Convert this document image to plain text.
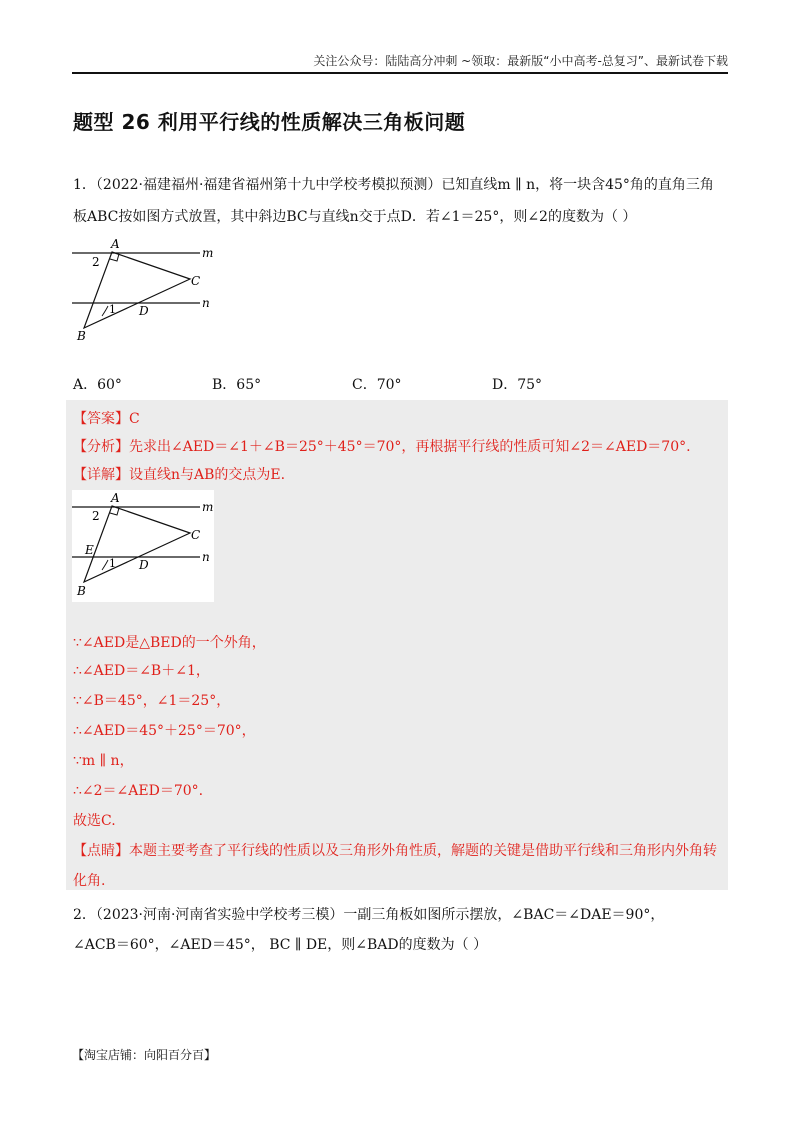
关注公众号：陆陆高分冲刺 ~领取：最新版“小中高考-总复习”、最新试卷下载
题型 26 利用平行线的性质解决三角板问题
1．（2022·福建福州·福建省福州第十九中学校考模拟预测）已知直线m ∥ n，将一块含45°角的直角三角
板ABC按如图方式放置，其中斜边BC与直线n交于点D．若∠1＝25°，则∠2的度数为（ ）
A
m
2
C
n
1 D
B
A．60°	B．65°	C．70°	D．75°
【答案】C
【分析】先求出∠AED＝∠1＋∠B＝25°＋45°＝70°，再根据平行线的性质可知∠2＝∠AED＝70°.
【详解】设直线n与AB的交点为E.
A
m
2
C
n
E
1 D
B
∵∠AED是△BED的一个外角，
∴∠AED＝∠B＋∠1，
∵∠B＝45°，∠1＝25°，
∴∠AED＝45°＋25°＝70°，
∵m ∥ n，
∴∠2＝∠AED＝70°.
故选C.
【点睛】本题主要考查了平行线的性质以及三角形外角性质，解题的关键是借助平行线和三角形内外角转
化角.
2．（2023·河南·河南省实验中学校考三模）一副三角板如图所示摆放，∠BAC＝∠DAE＝90°，
∠ACB＝60°，∠AED＝45°， BC ∥ DE，则∠BAD的度数为（ ）
【淘宝店铺：向阳百分百】
